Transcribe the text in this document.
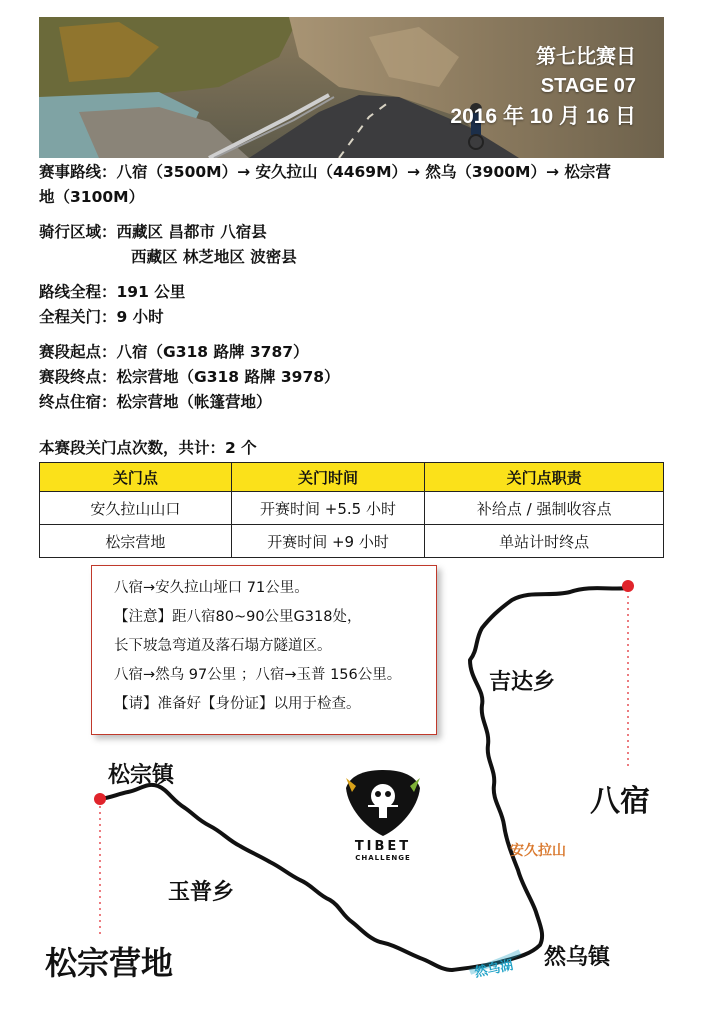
第七比赛日
STAGE 07
2016 年 10 月 16 日

赛事路线：八宿（3500M）→ 安久拉山（4469M）→ 然乌（3900M）→ 松宗营

地（3100M）

骑行区域：西藏区 昌都市 八宿县

西藏区 林芝地区 波密县

路线全程：191 公里

全程关门：9 小时

赛段起点：八宿（G318 路牌 3787）

赛段终点：松宗营地（G318 路牌 3978）

终点住宿：松宗营地（帐篷营地）

本赛段关门点次数，共计：2 个
关门点	关门时间	关门点职责
安久拉山山口	开赛时间 +5.5 小时	补给点 / 强制收容点
松宗营地	开赛时间 +9 小时	单站计时终点
吉达乡
八宿
松宗镇
玉普乡
松宗营地	然乌镇
安久拉山
然乌湖
TIBET
CHALLENGE

八宿→安久拉山垭口 71公里。

【注意】距八宿80~90公里G318处，

长下坡急弯道及落石塌方隧道区。

八宿→然乌 97公里 ；八宿→玉普 156公里。

【请】准备好【身份证】以用于检查。
